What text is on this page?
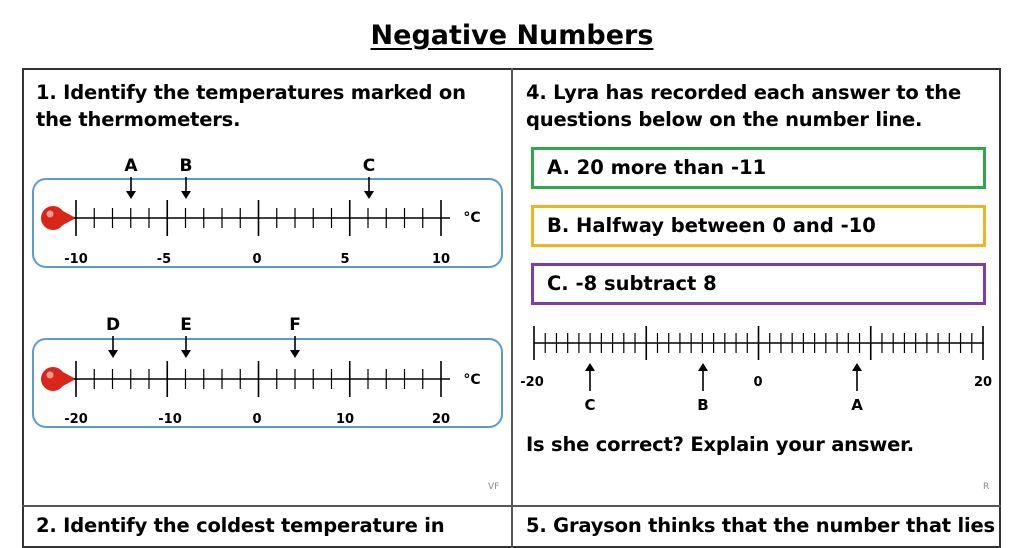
Negative Numbers
1. Identify the temperatures marked on
the thermometers.
-10	-5	0	5	10
°C
A B	C
-20	-10	0	10	20
°C
D	E	F
VF
4. Lyra has recorded each answer to the
questions below on the number line.
A. 20 more than -11
B. Halfway between 0 and -10
C. -8 subtract 8
-20	0	20
C	B	A
Is she correct? Explain your answer.
R
2. Identify the coldest temperature in	5. Grayson thinks that the number that lies
